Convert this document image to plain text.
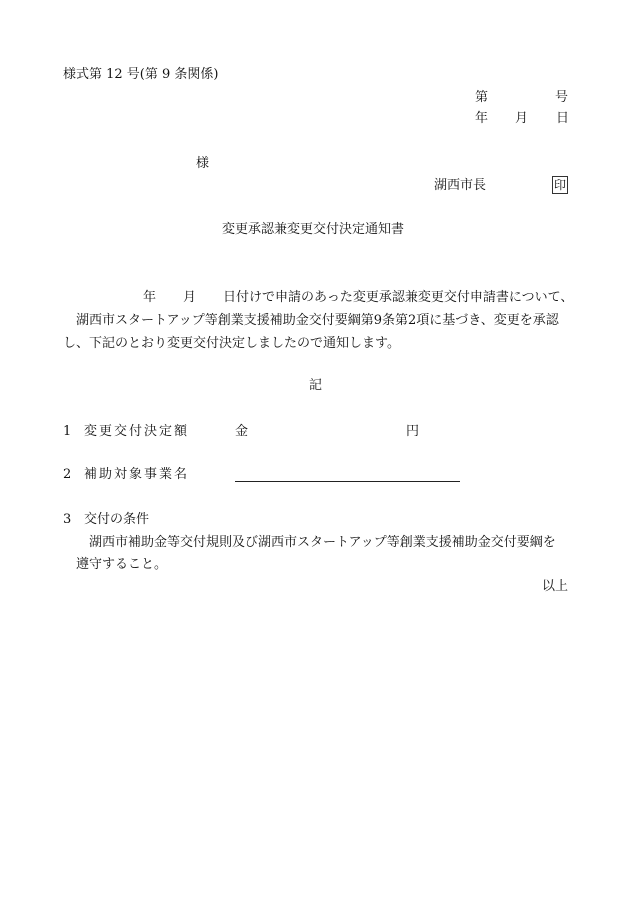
様式第 12 号(第 9 条関係)
第	号
年 月 日
様
湖西市長	印
変更承認兼変更交付決定通知書
年 月 日付けで申請のあった変更承認兼変更交付申請書について、
湖西市スタートアップ等創業支援補助金交付要綱第9条第2項に基づき、変更を承認
し、下記のとおり変更交付決定しましたので通知します。
記
1 変更交付決定額	金	円
2 補助対象事業名
3 交付の条件
湖西市補助金等交付規則及び湖西市スタートアップ等創業支援補助金交付要綱を
遵守すること。
以上
